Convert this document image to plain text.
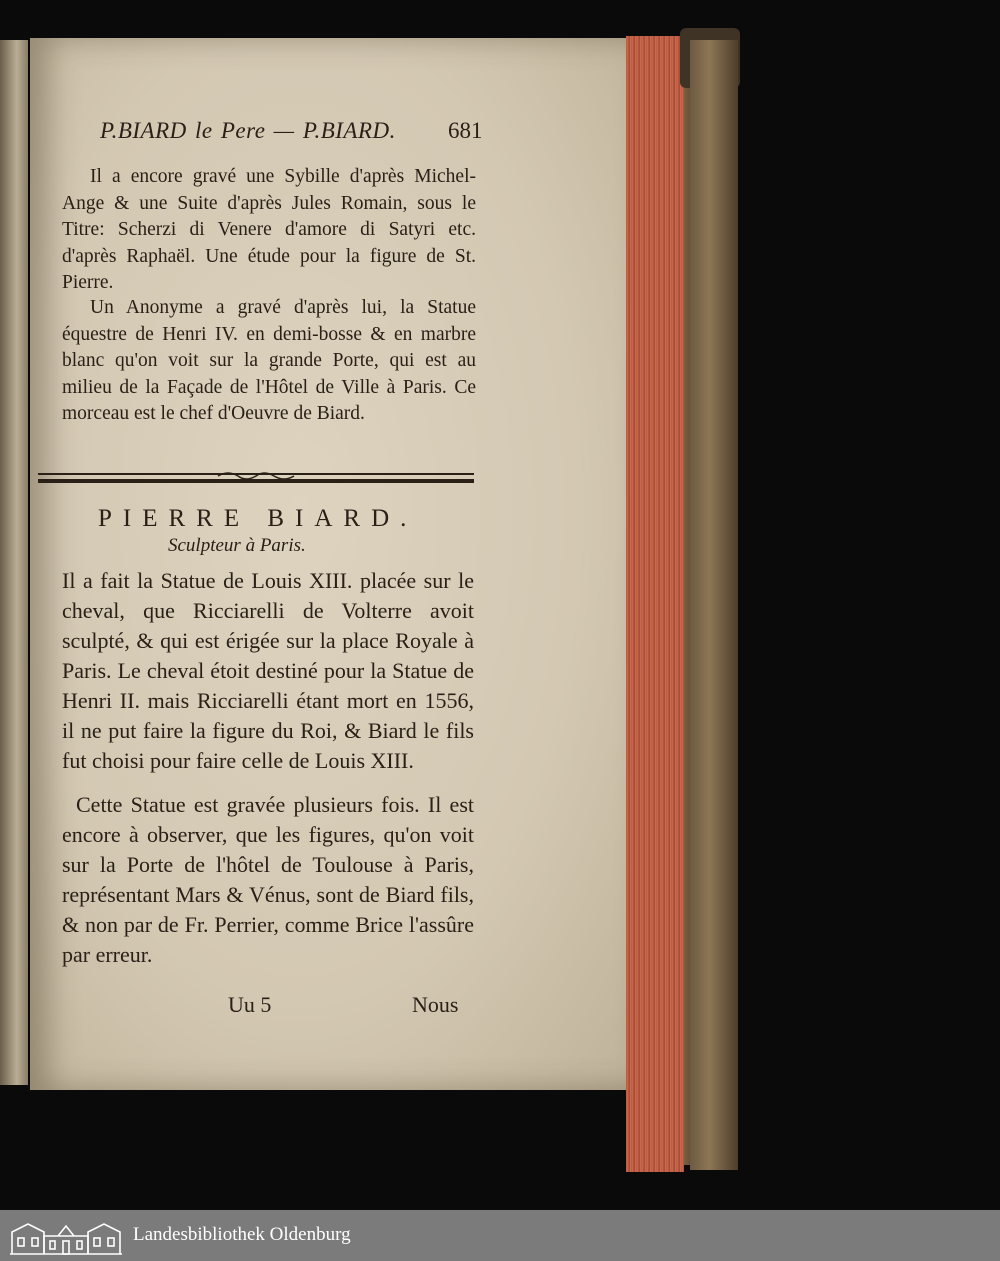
P.BIARD le Pere — P.BIARD. 681
Il a encore gravé une Sybille d'après Michel-Ange & une Suite d'après Jules Romain, sous le Titre: Scherzi di Venere d'amore di Satyri etc. d'après Raphaël. Une étude pour la figure de St. Pierre.
Un Anonyme a gravé d'après lui, la Statue équestre de Henri IV. en demi-bosse & en marbre blanc qu'on voit sur la grande Porte, qui est au milieu de la Façade de l'Hôtel de Ville à Paris. Ce morceau est le chef d'Oeuvre de Biard.
PIERRE BIARD.
Sculpteur à Paris.
Il a fait la Statue de Louis XIII. placée sur le cheval, que Ricciarelli de Volterre avoit sculpté, & qui est érigée sur la place Royale à Paris. Le cheval étoit destiné pour la Statue de Henri II. mais Ricciarelli étant mort en 1556, il ne put faire la figure du Roi, & Biard le fils fut choisi pour faire celle de Louis XIII.
Cette Statue est gravée plusieurs fois. Il est encore à observer, que les figures, qu'on voit sur la Porte de l'hôtel de Toulouse à Paris, représentant Mars & Vénus, sont de Biard fils, & non par de Fr. Perrier, comme Brice l'assûre par erreur.
Uu 5	Nous
Landesbibliothek Oldenburg
